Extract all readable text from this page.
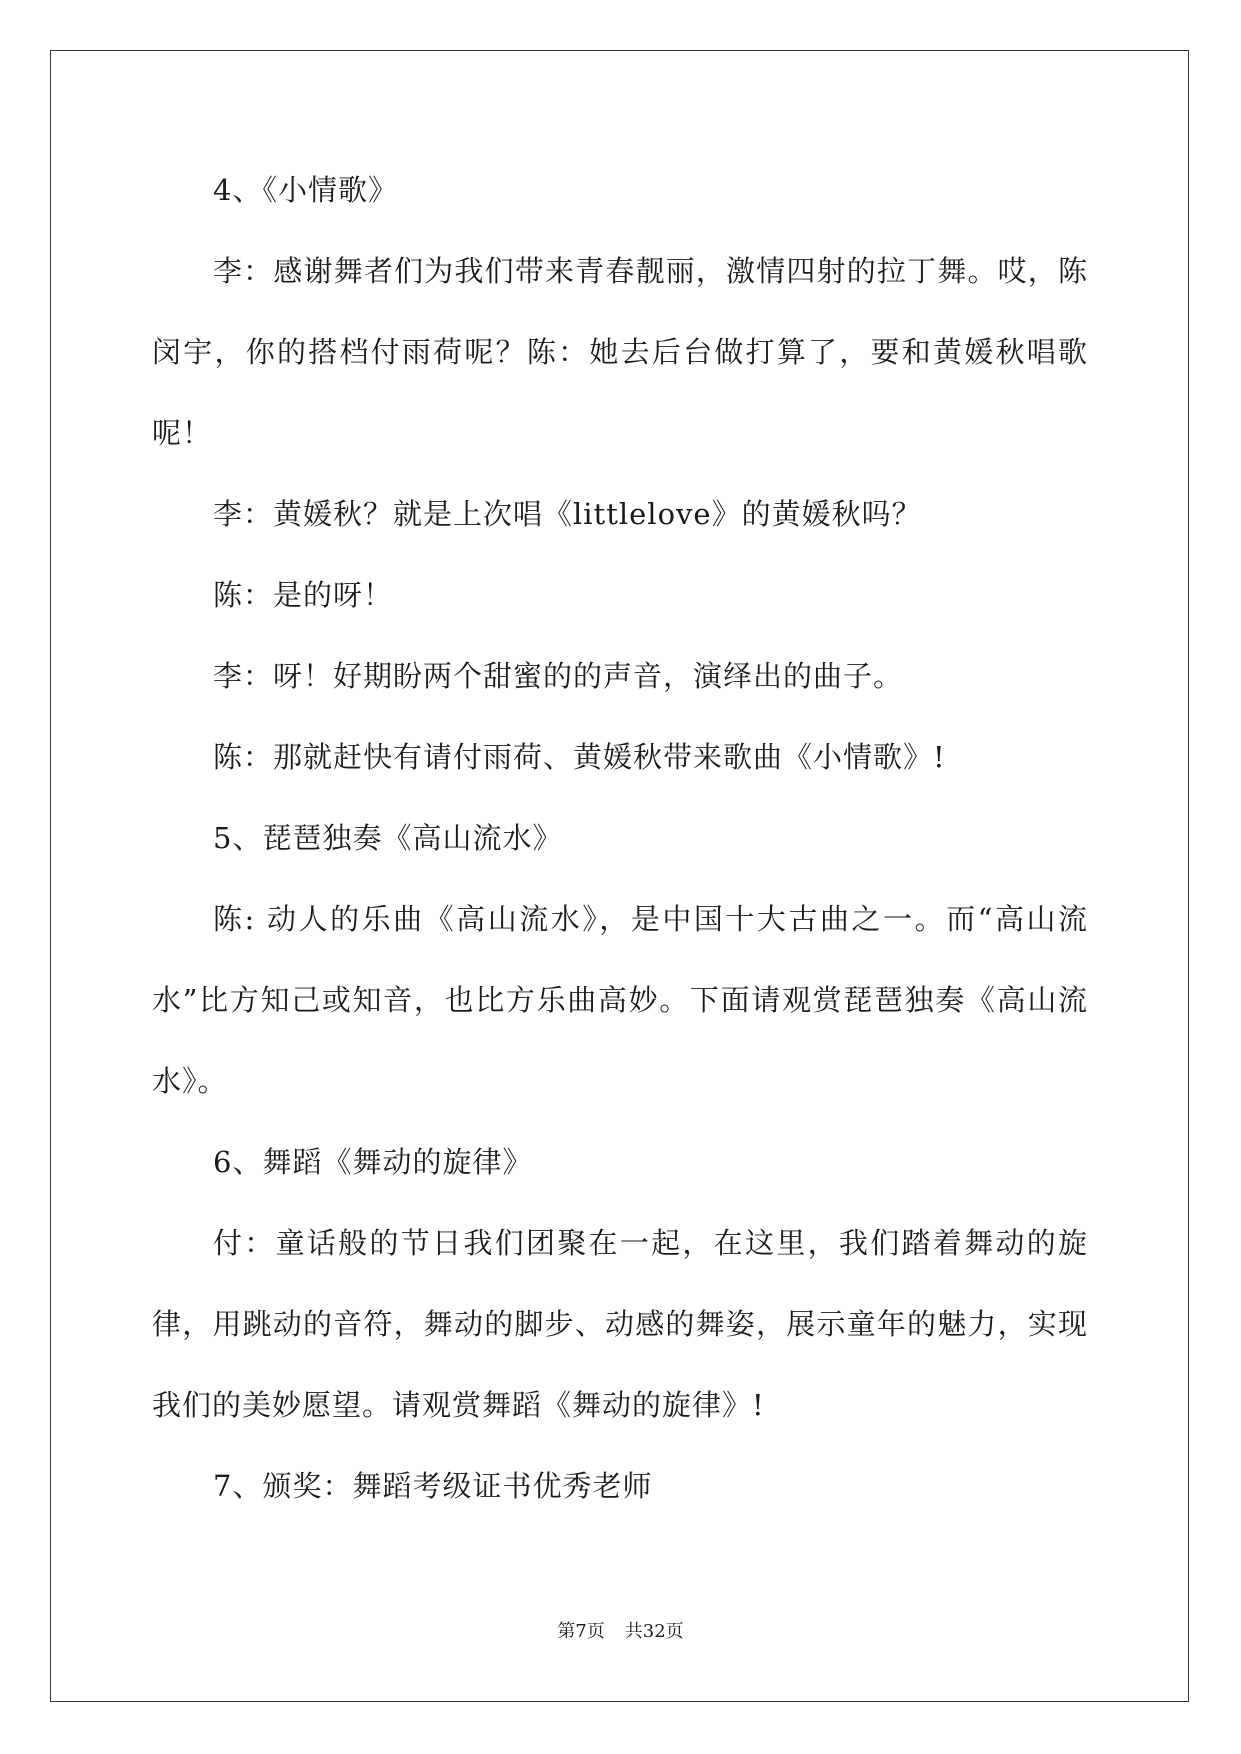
4、《小情歌》

李：感谢舞者们为我们带来青春靓丽，激情四射的拉丁舞。哎，陈闵宇，你的搭档付雨荷呢？陈：她去后台做打算了，要和黄媛秋唱歌呢！

李：黄媛秋？就是上次唱《littlelove》的黄媛秋吗？

陈：是的呀！

李：呀！好期盼两个甜蜜的的声音，演绎出的曲子。

陈：那就赶快有请付雨荷、黄媛秋带来歌曲《小情歌》!

5、琵琶独奏《高山流水》

陈: 动人的乐曲《高山流水》，是中国十大古曲之一。而“高山流水”比方知己或知音，也比方乐曲高妙。下面请观赏琵琶独奏《高山流水》。

6、舞蹈《舞动的旋律》

付：童话般的节日我们团聚在一起，在这里，我们踏着舞动的旋律，用跳动的音符，舞动的脚步、动感的舞姿，展示童年的魅力，实现我们的美妙愿望。请观赏舞蹈《舞动的旋律》!

7、颁奖：舞蹈考级证书优秀老师

第7页 共32页
